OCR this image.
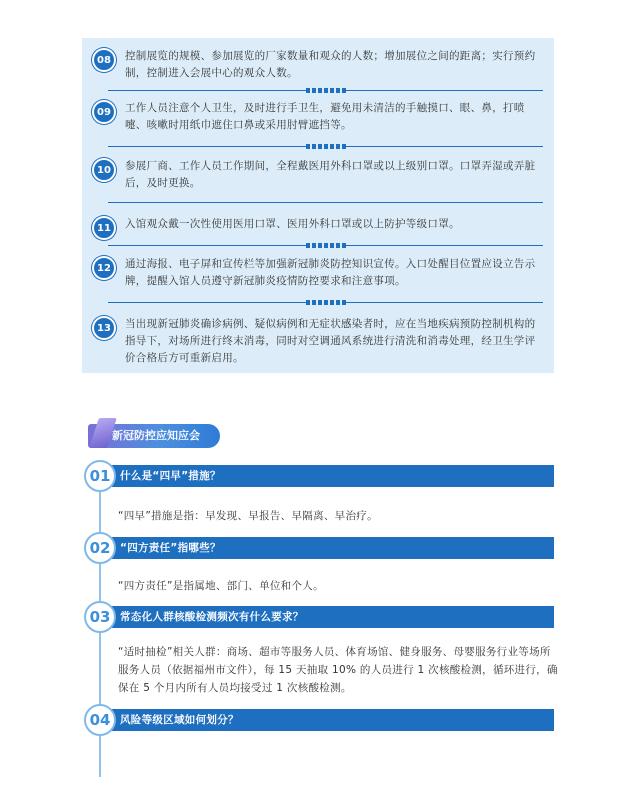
08	控制展览的规模、参加展览的厂家数量和观众的人数；增加展位之间的距离；实行预约制，控制进入会展中心的观众人数。
09	工作人员注意个人卫生，及时进行手卫生，避免用未清洁的手触摸口、眼、鼻，打喷嚏、咳嗽时用纸巾遮住口鼻或采用肘臂遮挡等。
10	参展厂商、工作人员工作期间，全程戴医用外科口罩或以上级别口罩。口罩弄湿或弄脏后，及时更换。
11	入馆观众戴一次性使用医用口罩、医用外科口罩或以上防护等级口罩。
12	通过海报、电子屏和宣传栏等加强新冠肺炎防控知识宣传。入口处醒目位置应设立告示牌，提醒入馆人员遵守新冠肺炎疫情防控要求和注意事项。
13	当出现新冠肺炎确诊病例、疑似病例和无症状感染者时，应在当地疾病预防控制机构的指导下，对场所进行终末消毒，同时对空调通风系统进行清洗和消毒处理，经卫生学评价合格后方可重新启用。
新冠防控应知应会
什么是“四早”措施？
01
“四早”措施是指：早发现、早报告、早隔离、早治疗。
“四方责任”指哪些？
02
“四方责任”是指属地、部门、单位和个人。
常态化人群核酸检测频次有什么要求？
03
“适时抽检”相关人群：商场、超市等服务人员、体育场馆、健身服务、母婴服务行业等场所服务人员（依据福州市文件），每 15 天抽取 10% 的人员进行 1 次核酸检测，循环进行，确保在 5 个月内所有人员均接受过 1 次核酸检测。
风险等级区域如何划分？
04
